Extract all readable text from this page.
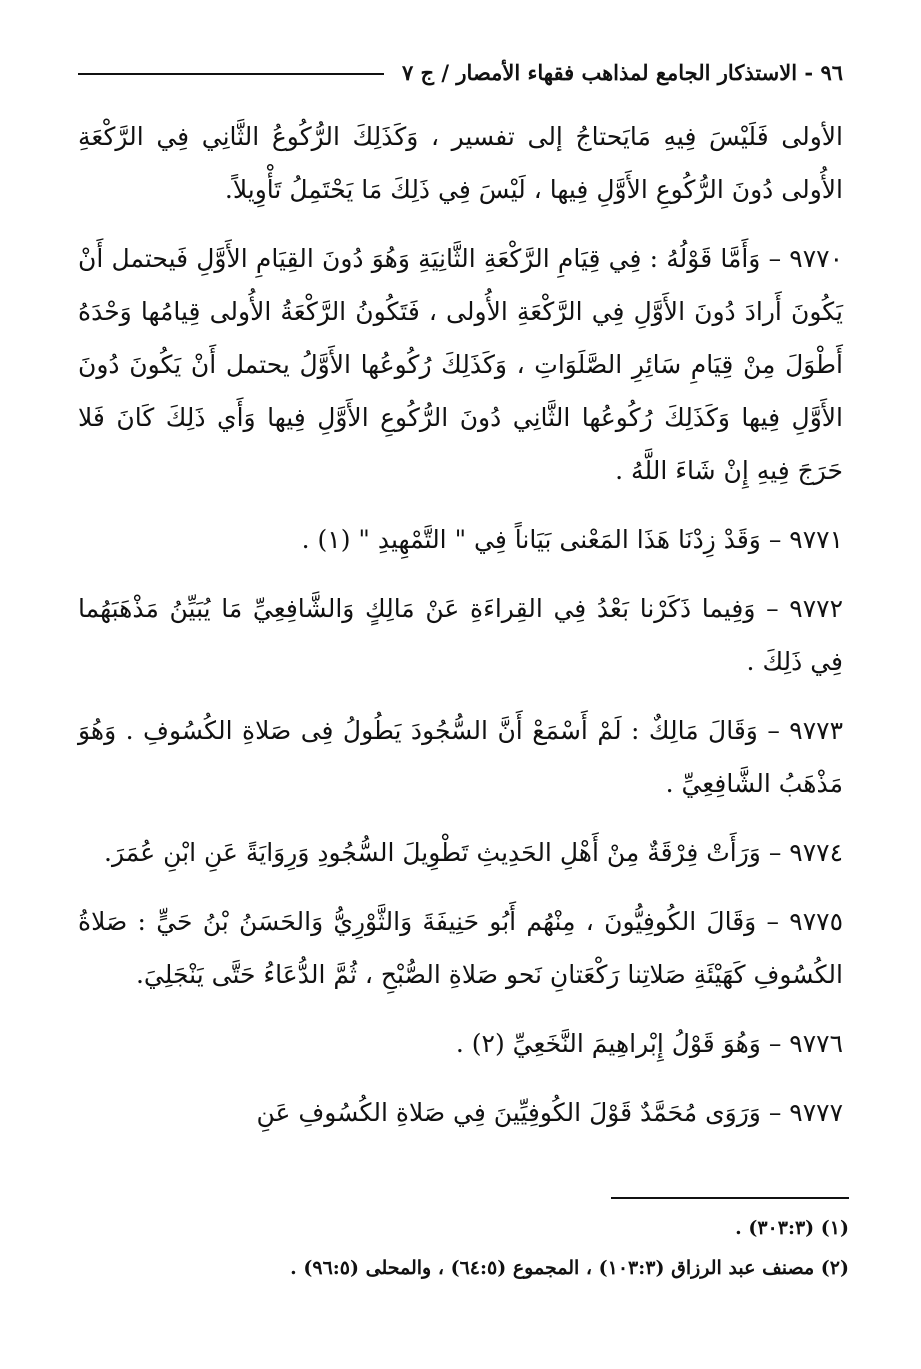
٩٦ - الاستذكار الجامع لمذاهب فقهاء الأمصار / ج ٧

الأولى فَلَيْسَ فِيهِ مَايَحتاجُ إلى تفسير ، وَكَذَلِكَ الرُّكُوعُ الثَّانِي فِي الرَّكْعَةِ الأُولى دُونَ الرُّكُوعِ الأَوَّلِ فِيها ، لَيْسَ فِي ذَلِكَ مَا يَحْتَمِلُ تَأْوِيلاً.

٩٧٧٠ – وَأَمَّا قَوْلُهُ : فِي قِيَامِ الرَّكْعَةِ الثَّانِيَةِ وَهُوَ دُونَ القِيَامِ الأَوَّلِ فَيحتمل أَنْ يَكُونَ أَرادَ دُونَ الأَوَّلِ فِي الرَّكْعَةِ الأُولى ، فَتَكُونُ الرَّكْعَةُ الأُولى قِيامُها وَحْدَهُ أَطْوَلَ مِنْ قِيَامِ سَائِرِ الصَّلَوَاتِ ، وَكَذَلِكَ رُكُوعُها الأَوَّلُ يحتمل أَنْ يَكُونَ دُونَ الأَوَّلِ فِيها وَكَذَلِكَ رُكُوعُها الثَّانِي دُونَ الرُّكُوعِ الأَوَّلِ فِيها وَأَي ذَلِكَ كَانَ فَلا حَرَجَ فِيهِ إِنْ شَاءَ اللَّهُ .

٩٧٧١ – وَقَدْ زِدْنَا هَذَا المَعْنى بَيَاناً فِي " التَّمْهِيدِ " (١) .

٩٧٧٢ – وَفِيما ذَكَرْنا بَعْدُ فِي القِراءَةِ عَنْ مَالِكٍ وَالشَّافِعِيِّ مَا يُبَيِّنُ مَذْهَبَهُما فِي ذَلِكَ .

٩٧٧٣ – وَقَالَ مَالِكٌ : لَمْ أَسْمَعْ أَنَّ السُّجُودَ يَطُولُ فِى صَلاةِ الكُسُوفِ . وَهُوَ مَذْهَبُ الشَّافِعِيِّ .

٩٧٧٤ – وَرَأَتْ فِرْقَةٌ مِنْ أَهْلِ الحَدِيثِ تَطْوِيلَ السُّجُودِ وَرِوَايَةً عَنِ ابْنِ عُمَرَ.

٩٧٧٥ – وَقَالَ الكُوفِيُّونَ ، مِنْهُم أَبُو حَنِيفَةَ وَالثَّوْرِيُّ وَالحَسَنُ بْنُ حَيٍّ : صَلاةُ الكُسُوفِ كَهَيْئَةِ صَلاتِنا رَكْعَتانِ نَحو صَلاةِ الصُّبْحِ ، ثُمَّ الدُّعَاءُ حَتَّى يَنْجَلِيَ.

٩٧٧٦ – وَهُوَ قَوْلُ إِبْراهِيمَ النَّخَعِيِّ (٢) .

٩٧٧٧ – وَرَوَى مُحَمَّدٌ قَوْلَ الكُوفِيِّينَ فِي صَلاةِ الكُسُوفِ عَنِ

(١) (٣٠٣:٣) .

(٢) مصنف عبد الرزاق (١٠٣:٣) ، المجموع (٦٤:٥) ، والمحلى (٩٦:٥) .
